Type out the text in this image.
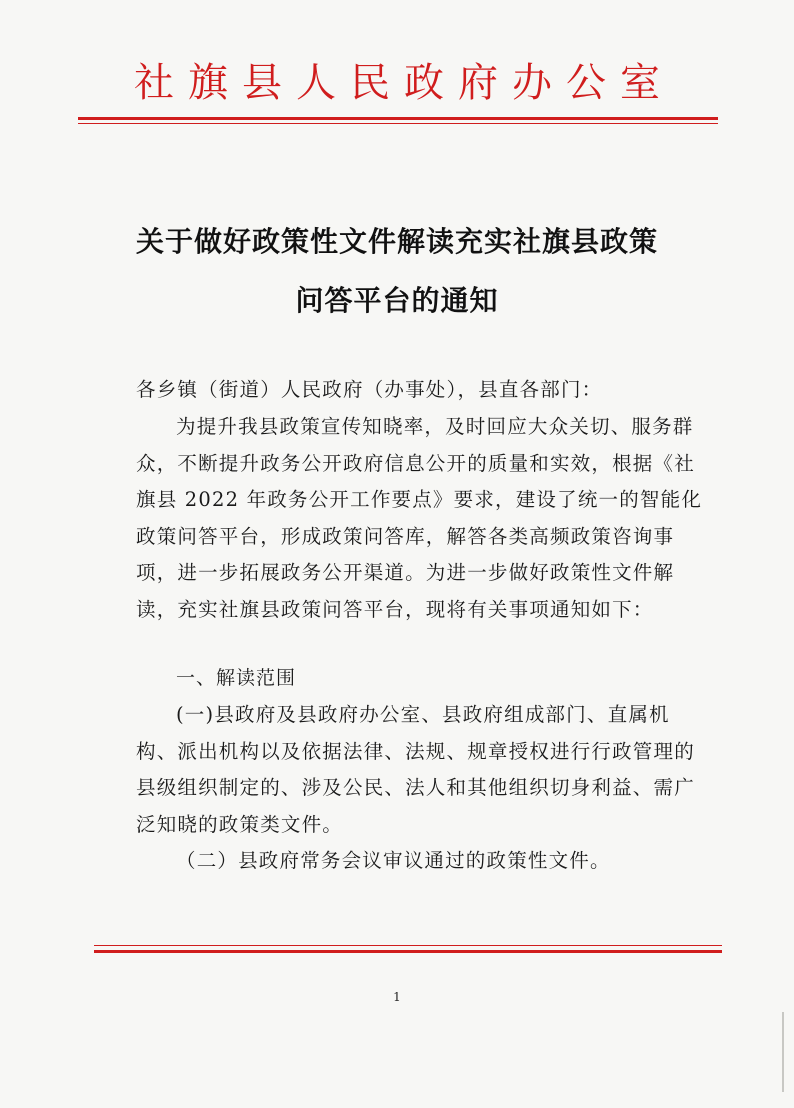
社旗县人民政府办公室
关于做好政策性文件解读充实社旗县政策
问答平台的通知

各乡镇（街道）人民政府（办事处），县直各部门：

为提升我县政策宣传知晓率，及时回应大众关切、服务群众，不断提升政务公开政府信息公开的质量和实效，根据《社旗县 2022 年政务公开工作要点》要求，建设了统一的智能化政策问答平台，形成政策问答库，解答各类高频政策咨询事项，进一步拓展政务公开渠道。为进一步做好政策性文件解读，充实社旗县政策问答平台，现将有关事项通知如下：

一、解读范围

(一)县政府及县政府办公室、县政府组成部门、直属机构、派出机构以及依据法律、法规、规章授权进行行政管理的县级组织制定的、涉及公民、法人和其他组织切身利益、需广泛知晓的政策类文件。

（二）县政府常务会议审议通过的政策性文件。

1
